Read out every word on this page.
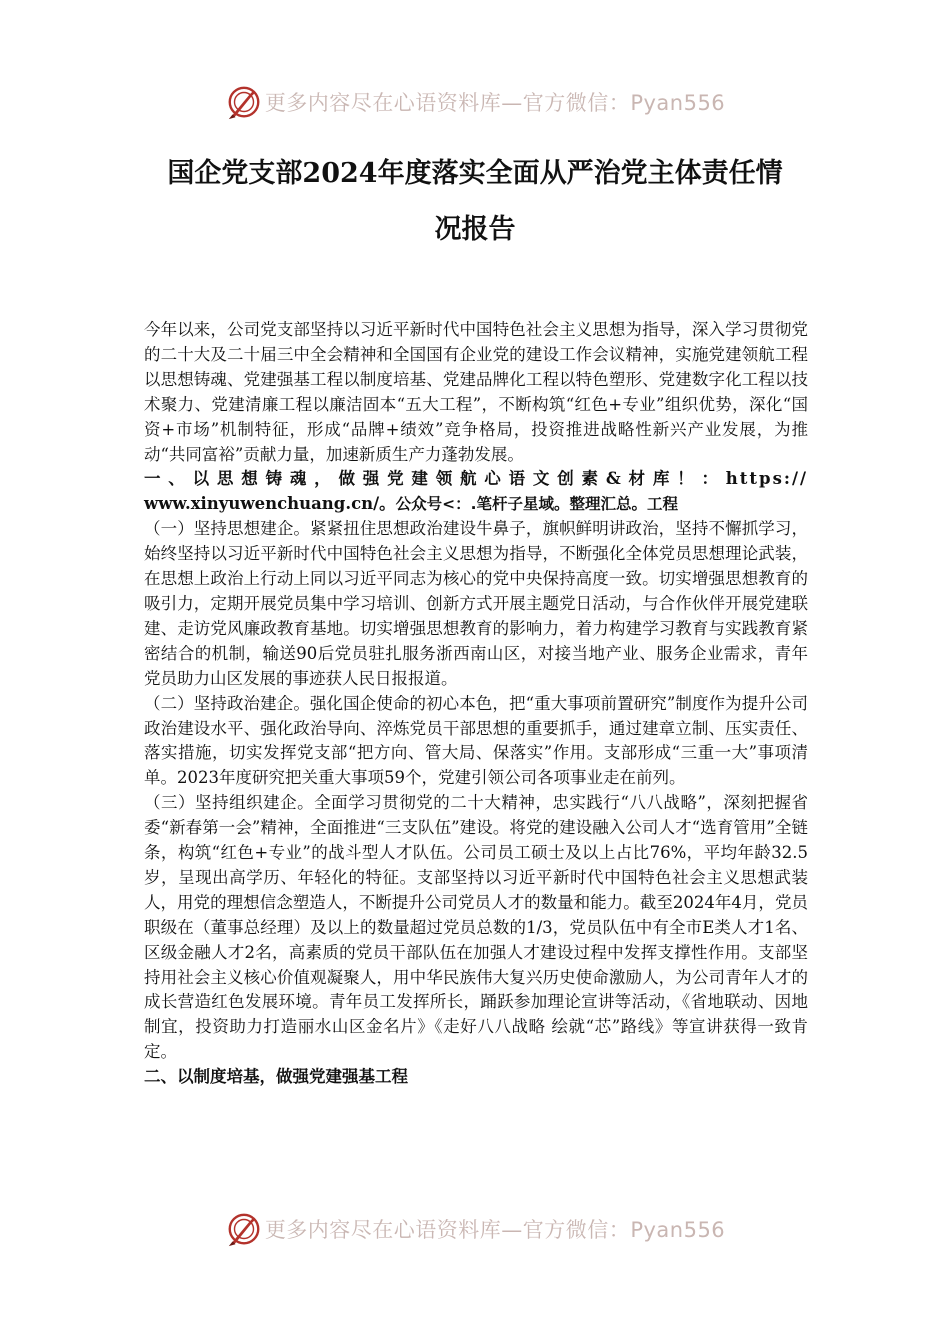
更多内容尽在心语资料库—官方微信：Pyan556
国企党支部2024年度落实全面从严治党主体责任情
况报告

今年以来，公司党支部坚持以习近平新时代中国特色社会主义思想为指导，深入学习贯彻党的二十大及二十届三中全会精神和全国国有企业党的建设工作会议精神，实施党建领航工程以思想铸魂、党建强基工程以制度培基、党建品牌化工程以特色塑形、党建数字化工程以技术聚力、党建清廉工程以廉洁固本“五大工程”，不断构筑“红色+专业”组织优势，深化“国资+市场”机制特征，形成“品牌+绩效”竞争格局，投资推进战略性新兴产业发展，为推动“共同富裕”贡献力量，加速新质生产力蓬勃发展。

一、以思想铸魂，做强党建领航心语文创素&材库！：https://
www.xinyuwenchuang.cn/。公众号<：.笔杆子星域。整理汇总。工程

（一）坚持思想建企。紧紧扭住思想政治建设牛鼻子，旗帜鲜明讲政治，坚持不懈抓学习，始终坚持以习近平新时代中国特色社会主义思想为指导，不断强化全体党员思想理论武装，在思想上政治上行动上同以习近平同志为核心的党中央保持高度一致。切实增强思想教育的吸引力，定期开展党员集中学习培训、创新方式开展主题党日活动，与合作伙伴开展党建联建、走访党风廉政教育基地。切实增强思想教育的影响力，着力构建学习教育与实践教育紧密结合的机制，输送90后党员驻扎服务浙西南山区，对接当地产业、服务企业需求，青年党员助力山区发展的事迹获人民日报报道。

（二）坚持政治建企。强化国企使命的初心本色，把“重大事项前置研究”制度作为提升公司政治建设水平、强化政治导向、淬炼党员干部思想的重要抓手，通过建章立制、压实责任、落实措施，切实发挥党支部“把方向、管大局、保落实”作用。支部形成“三重一大”事项清单。2023年度研究把关重大事项59个，党建引领公司各项事业走在前列。

（三）坚持组织建企。全面学习贯彻党的二十大精神，忠实践行“八八战略”，深刻把握省委“新春第一会”精神，全面推进“三支队伍”建设。将党的建设融入公司人才“选育管用”全链条，构筑“红色+专业”的战斗型人才队伍。公司员工硕士及以上占比76%，平均年龄32.5岁，呈现出高学历、年轻化的特征。支部坚持以习近平新时代中国特色社会主义思想武装人，用党的理想信念塑造人，不断提升公司党员人才的数量和能力。截至2024年4月，党员职级在（董事总经理）及以上的数量超过党员总数的1/3，党员队伍中有全市E类人才1名、区级金融人才2名，高素质的党员干部队伍在加强人才建设过程中发挥支撑性作用。支部坚持用社会主义核心价值观凝聚人，用中华民族伟大复兴历史使命激励人，为公司青年人才的成长营造红色发展环境。青年员工发挥所长，踊跃参加理论宣讲等活动，《省地联动、因地制宜，投资助力打造丽水山区金名片》《走好八八战略 绘就“芯”路线》等宣讲获得一致肯定。

二、以制度培基，做强党建强基工程
更多内容尽在心语资料库—官方微信：Pyan556
